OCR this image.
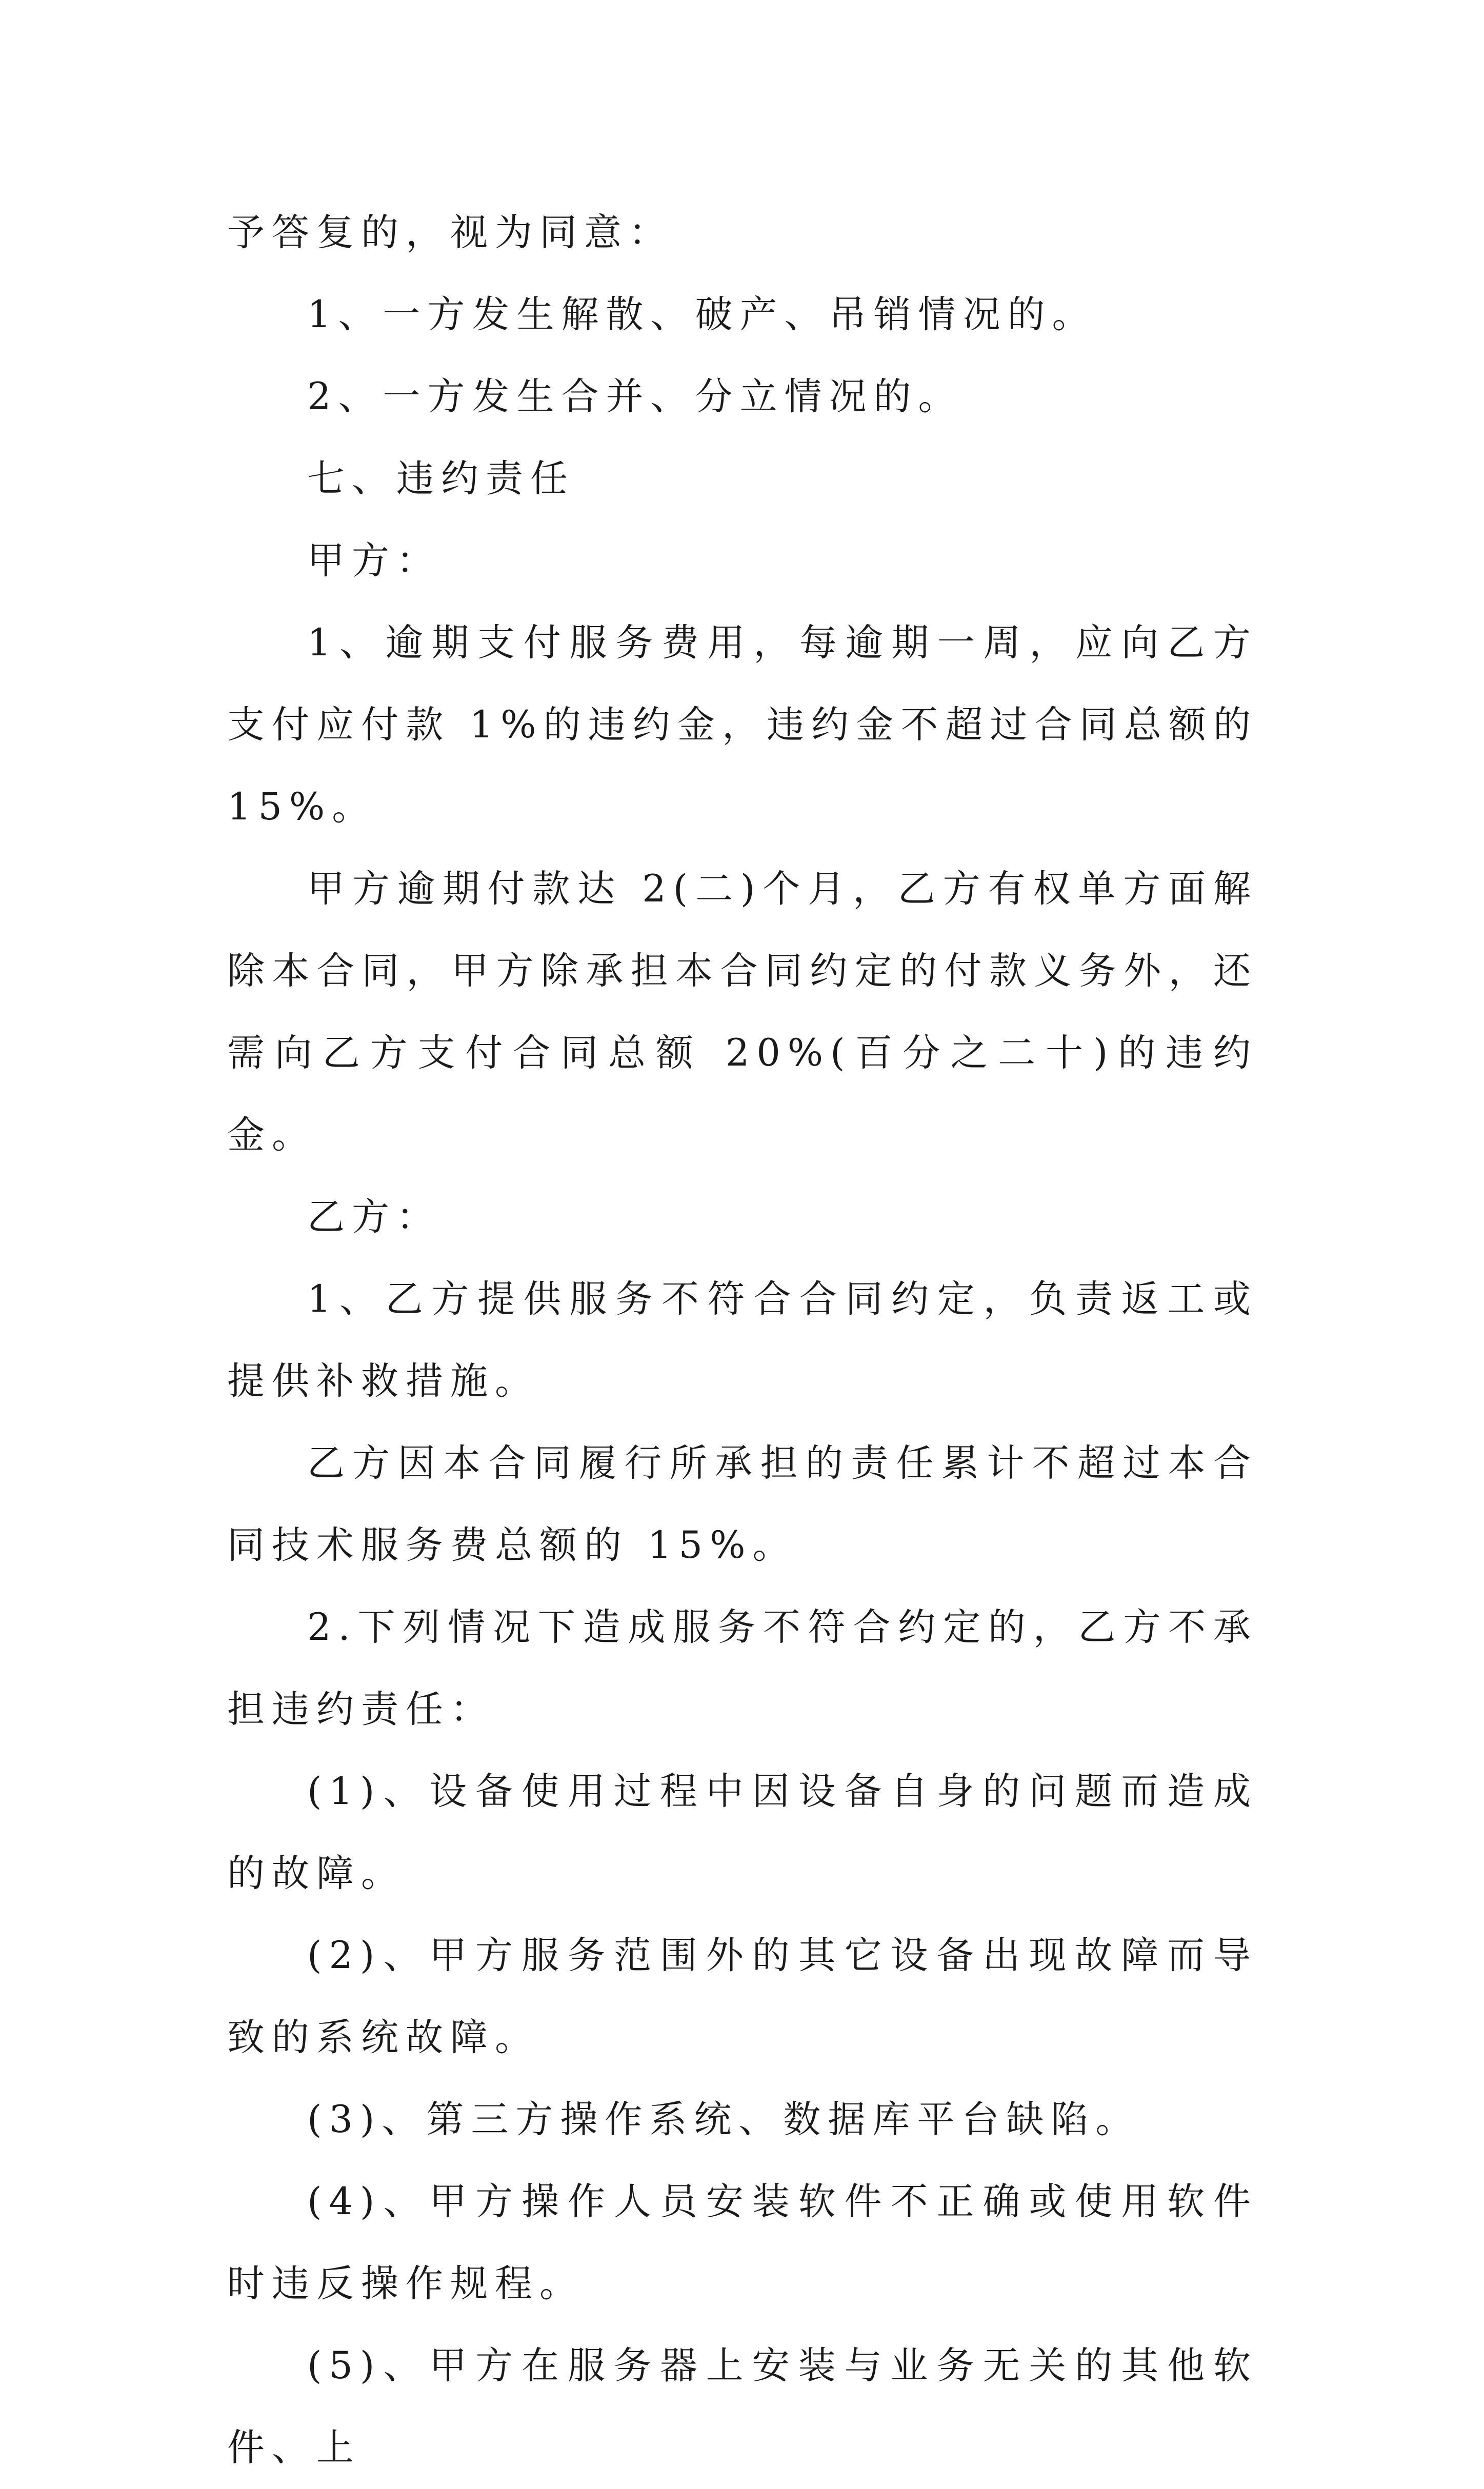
予答复的，视为同意：

1、一方发生解散、破产、吊销情况的。

2、一方发生合并、分立情况的。

七、违约责任

甲方：

1、逾期支付服务费用，每逾期一周，应向乙方支付应付款 1%的违约金，违约金不超过合同总额的 15%。

甲方逾期付款达 2(二)个月，乙方有权单方面解除本合同，甲方除承担本合同约定的付款义务外，还需向乙方支付合同总额 20%(百分之二十)的违约金。

乙方：

1、乙方提供服务不符合合同约定，负责返工或提供补救措施。

乙方因本合同履行所承担的责任累计不超过本合同技术服务费总额的 15%。

2.下列情况下造成服务不符合约定的，乙方不承担违约责任：

(1)、设备使用过程中因设备自身的问题而造成的故障。

(2)、甲方服务范围外的其它设备出现故障而导致的系统故障。

(3)、第三方操作系统、数据库平台缺陷。

(4)、甲方操作人员安装软件不正确或使用软件时违反操作规程。

(5)、甲方在服务器上安装与业务无关的其他软件、上
